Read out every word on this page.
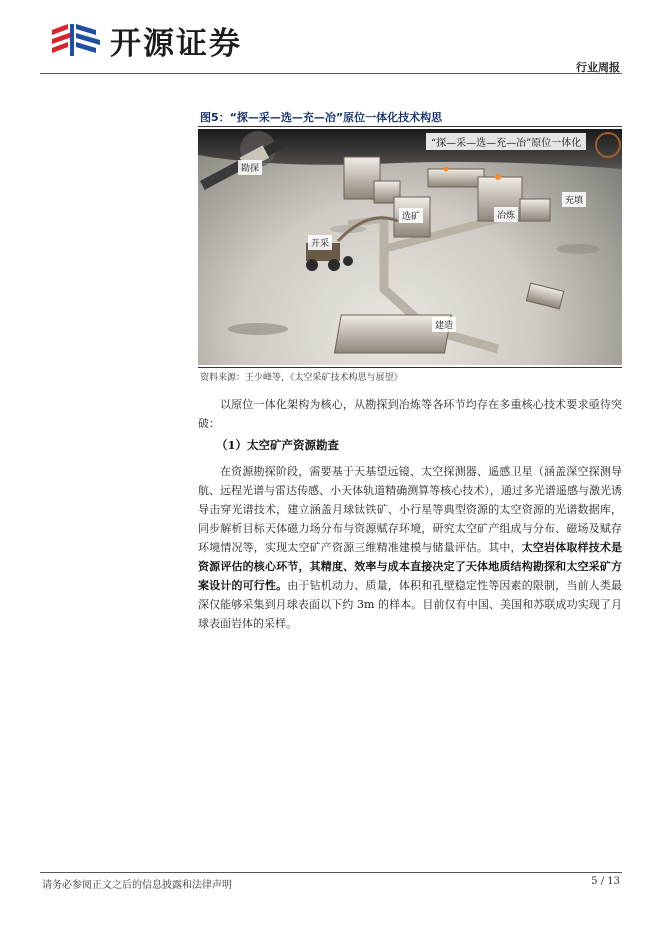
开源证券
行业周报
图5：“探—采—选—充—冶”原位一体化技术构思
“探—采—选—充—冶”原位一体化
勘探
开采
选矿	冶炼
充填
建造
资料来源：王少峰等，《太空采矿技术构思与展望》
以原位一体化架构为核心，从勘探到冶炼等各环节均存在多重核心技术要求亟待突破：
（1）太空矿产资源勘查
在资源勘探阶段，需要基于天基望远镜、太空探测器、遥感卫星（涵盖深空探测导航、远程光谱与雷达传感、小天体轨道精确测算等核心技术），通过多光谱遥感与激光诱导击穿光谱技术，建立涵盖月球钛铁矿、小行星等典型资源的太空资源的光谱数据库，同步解析目标天体磁力场分布与资源赋存环境，研究太空矿产组成与分布、磁场及赋存环境情况等，实现太空矿产资源三维精准建模与储量评估。其中，太空岩体取样技术是资源评估的核心环节，其精度、效率与成本直接决定了天体地质结构勘探和太空采矿方案设计的可行性。由于钻机动力、质量，体积和孔壁稳定性等因素的限制，当前人类最深仅能够采集到月球表面以下约 3m 的样本。目前仅有中国、美国和苏联成功实现了月球表面岩体的采样。
请务必参阅正文之后的信息披露和法律声明	5 / 13
